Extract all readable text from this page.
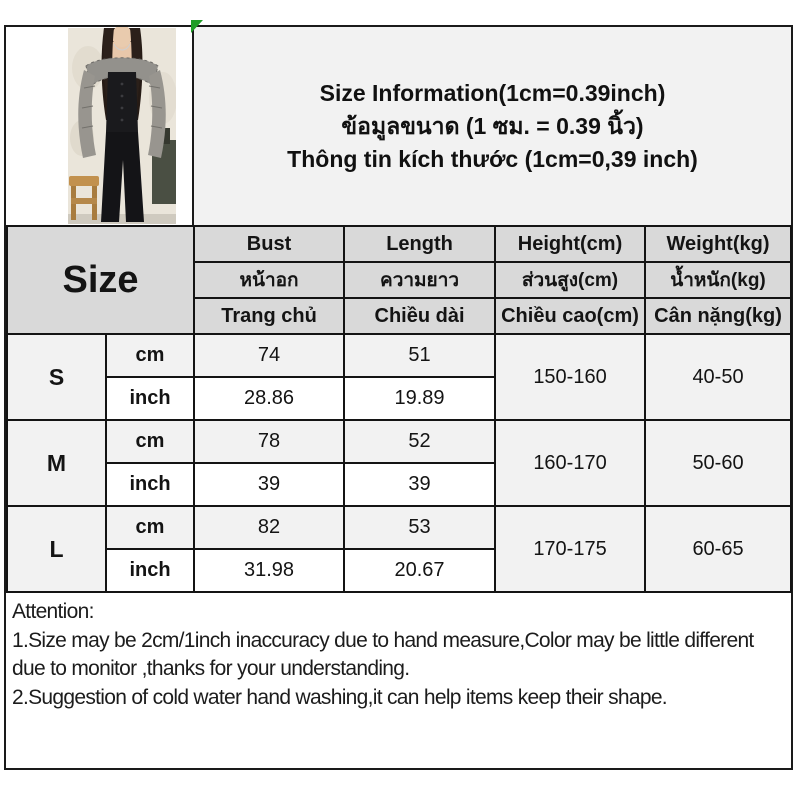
Size Information(1cm=0.39inch)
ข้อมูลขนาด (1 ซม. = 0.39 นิ้ว)
Thông tin kích thước (1cm=0,39 inch)
Size		Bust	Length	Height(cm)	Weight(kg)
		หน้าอก	ความยาว	ส่วนสูง(cm)	น้ำหนัก(kg)
		Trang chủ	Chiều dài	Chiều cao(cm)	Cân nặng(kg)
S	cm	74	51	150-160	40-50
	inch	28.86	19.89		
M	cm	78	52	160-170	50-60
	inch	39	39		
L	cm	82	53	170-175	60-65
	inch	31.98	20.67		
Attention:
1.Size may be 2cm/1inch inaccuracy due to hand measure,Color may be little different
due to monitor ,thanks for your understanding.
2.Suggestion of cold water hand washing,it can help items keep their shape.
